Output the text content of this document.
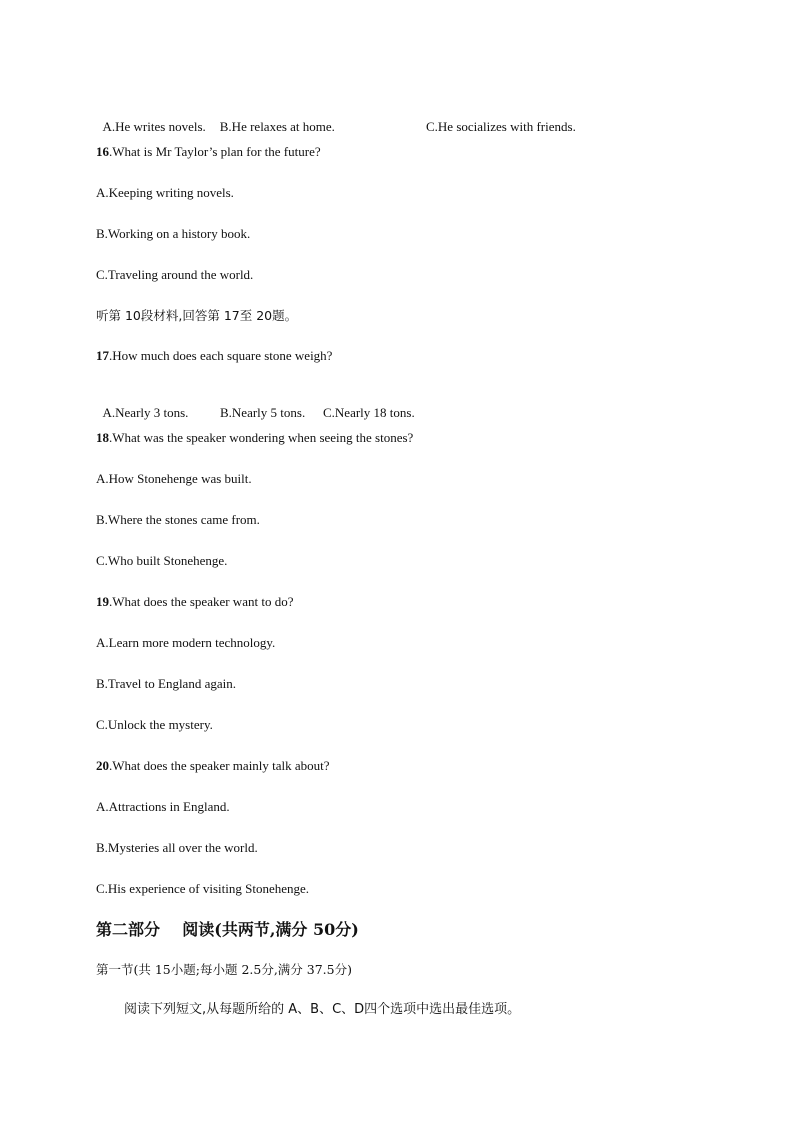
A.He writes novels. B.He relaxes at home.	C.He socializes with friends.

16.What is Mr Taylor’s plan for the future?
A.Keeping writing novels.
B.Working on a history book.
C.Traveling around the world.
听第 10段材料,回答第 17至 20题。
17.How much does each square stone weigh?

A.Nearly 3 tons. B.Nearly 5 tons. C.Nearly 18 tons.

18.What was the speaker wondering when seeing the stones?
A.How Stonehenge was built.
B.Where the stones came from.
C.Who built Stonehenge.
19.What does the speaker want to do?
A.Learn more modern technology.
B.Travel to England again.
C.Unlock the mystery.
20.What does the speaker mainly talk about?
A.Attractions in England.
B.Mysteries all over the world.
C.His experience of visiting Stonehenge.
第二部分    阅读(共两节,满分 50分)
第一节(共 15小题;每小题 2.5分,满分 37.5分)
阅读下列短文,从每题所给的 A、B、C、D四个选项中选出最佳选项。
